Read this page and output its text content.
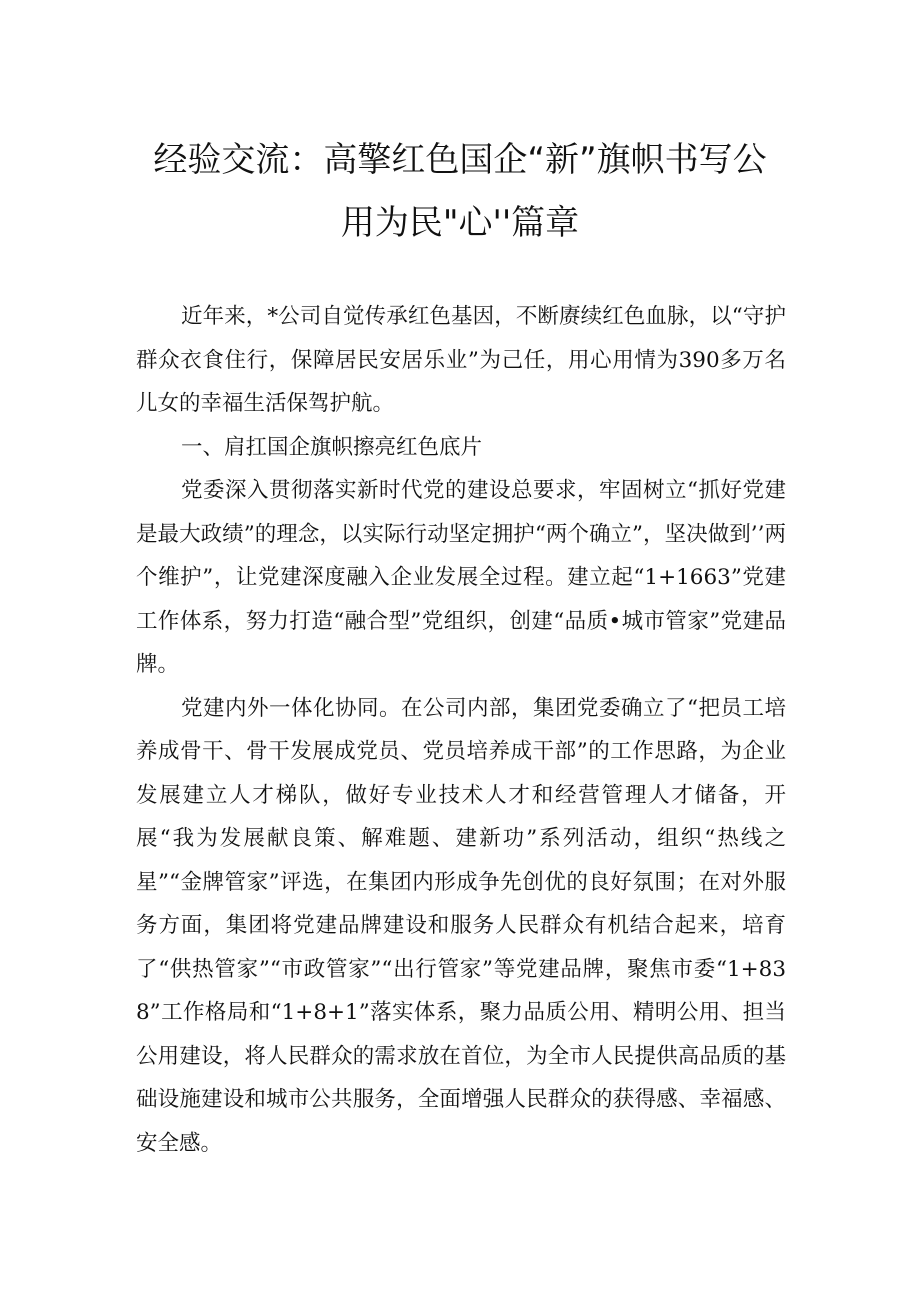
经验交流：高擎红色国企“新”旗帜书写公
用为民"心''篇章

近年来，*公司自觉传承红色基因，不断赓续红色血脉，以“守护群众衣食住行，保障居民安居乐业”为己任，用心用情为390多万名儿女的幸福生活保驾护航。

一、肩扛国企旗帜擦亮红色底片

党委深入贯彻落实新时代党的建设总要求，牢固树立“抓好党建是最大政绩”的理念，以实际行动坚定拥护“两个确立”，坚决做到’’两个维护”，让党建深度融入企业发展全过程。建立起“1+1663”党建工作体系，努力打造“融合型”党组织，创建“品质•城市管家”党建品牌。

党建内外一体化协同。在公司内部，集团党委确立了“把员工培养成骨干、骨干发展成党员、党员培养成干部”的工作思路，为企业发展建立人才梯队，做好专业技术人才和经营管理人才储备，开展“我为发展献良策、解难题、建新功”系列活动，组织“热线之星”“金牌管家”评选，在集团内形成争先创优的良好氛围；在对外服务方面，集团将党建品牌建设和服务人民群众有机结合起来，培育了“供热管家”“市政管家”“出行管家”等党建品牌，聚焦市委“1+838”工作格局和“1+8+1”落实体系，聚力品质公用、精明公用、担当公用建设，将人民群众的需求放在首位，为全市人民提供高品质的基础设施建设和城市公共服务，全面增强人民群众的获得感、幸福感、安全感。
